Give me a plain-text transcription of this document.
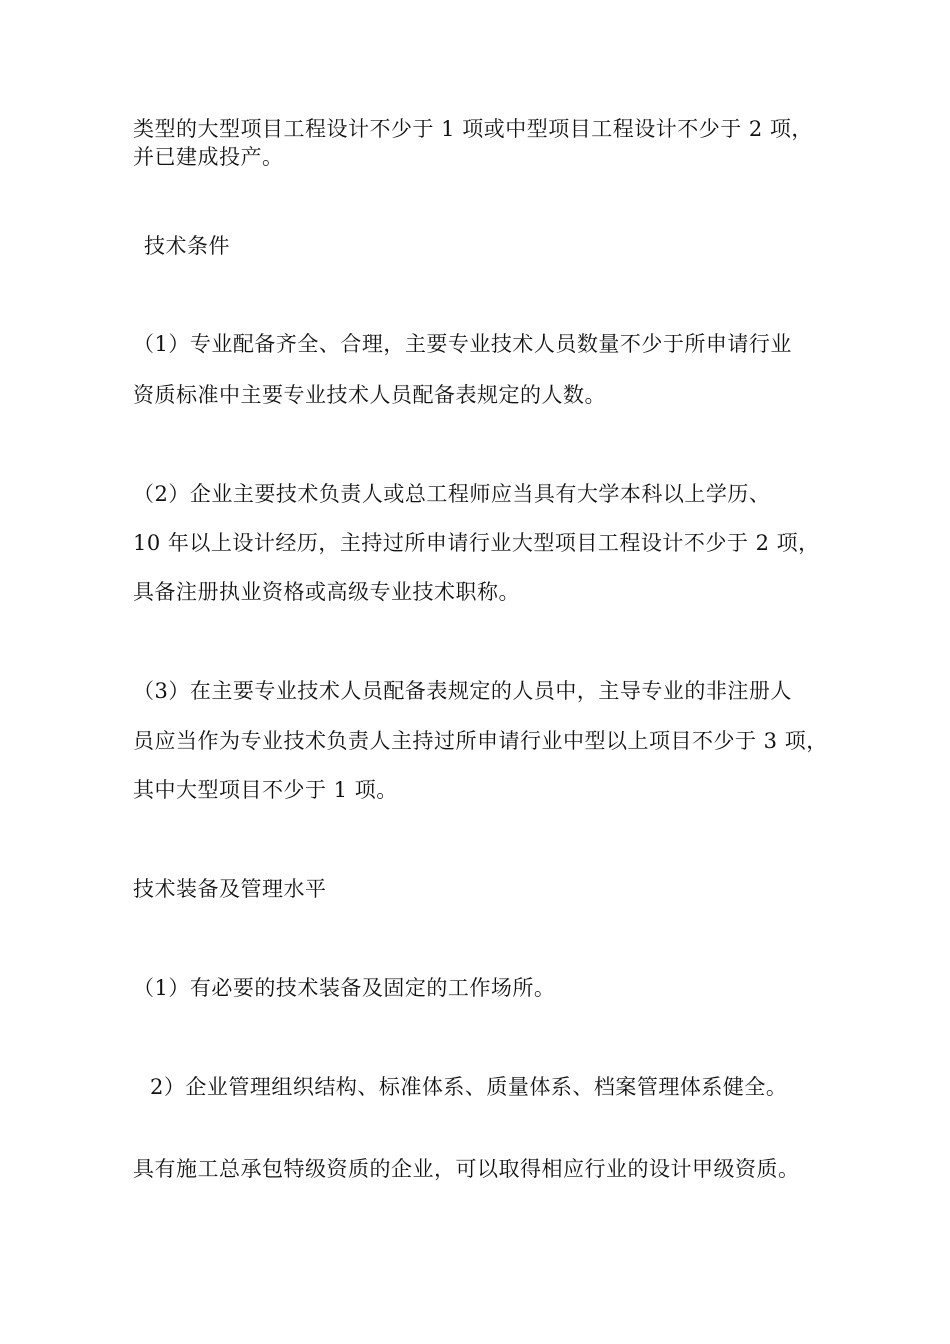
类型的大型项目工程设计不少于 1 项或中型项目工程设计不少于 2 项，
并已建成投产。
技术条件
（1）专业配备齐全、合理，主要专业技术人员数量不少于所申请行业
资质标准中主要专业技术人员配备表规定的人数。
（2）企业主要技术负责人或总工程师应当具有大学本科以上学历、
10 年以上设计经历，主持过所申请行业大型项目工程设计不少于 2 项，
具备注册执业资格或高级专业技术职称。
（3）在主要专业技术人员配备表规定的人员中，主导专业的非注册人
员应当作为专业技术负责人主持过所申请行业中型以上项目不少于 3 项，
其中大型项目不少于 1 项。
技术装备及管理水平
（1）有必要的技术装备及固定的工作场所。
2）企业管理组织结构、标准体系、质量体系、档案管理体系健全。
具有施工总承包特级资质的企业，可以取得相应行业的设计甲级资质。
